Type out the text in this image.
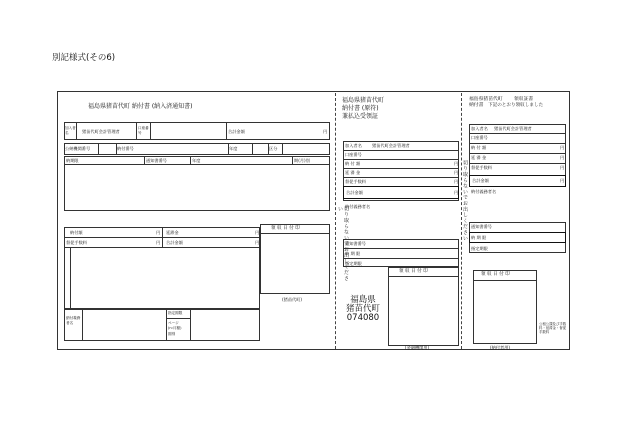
別記様式(その6)
福島県猪苗代町 納付書 (納入済通知書)
加入者名	猪苗代町会計管理者
口座番号	合計金額	円
公納機関番号	納付番号	年度	区分
納期限	通知書番号	年度	期(月)別
納付額	円 延滞金	円
督促手数料	円 合計金額	円
領 収 日 付 印
(猪苗代町)
納付義務者名
指定期限
ページ
(n:月額)
期別
福島県猪苗代町
納付書 (原符)
兼払込受領証
切り取らないでお出しください
加入者名 猪苗代町会計管理者
口座番号
納 付 額	円
延 滞 金	円
督促手数料	円
合計金額	円
納付義務者名
通知書番号
納 期 限
指定期限
領 収 日 付 印
福島県
猪苗代町
074080
(金融機関用)
切り取らないでお出しください
福島県猪苗代町 領収証書
納付書 下記のとおり領収しました
加入者名 猪苗代町会計管理者
口座番号
納 付 額	円
延 滞 金	円
督促手数料	円
合計金額	円
納付義務者名
通知書番号
納 期 限
指定期限
領 収 日 付 印
公租公課及び手数料・延滞金・督促手数料
(納付者用)
